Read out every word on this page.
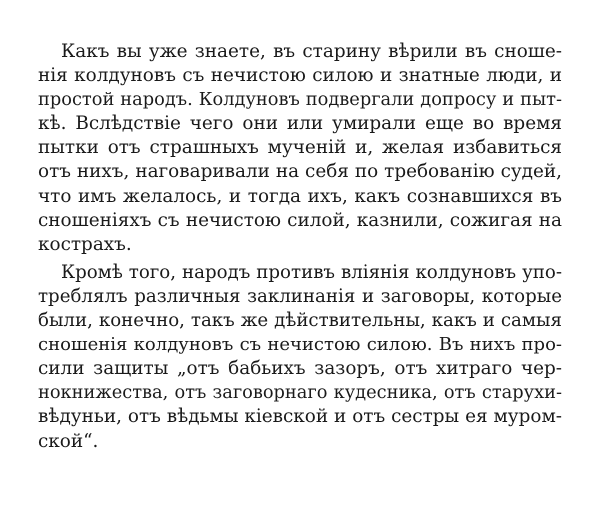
Какъ вы уже знаете, въ старину вѣрили въ сноше-
нія колдуновъ съ нечистою силою и знатные люди, и
простой народъ. Колдуновъ подвергали допросу и пыт-
кѣ. Вслѣдствіе чего они или умирали еще во время
пытки отъ страшныхъ мученій и, желая избавиться
отъ нихъ, наговаривали на себя по требованію судей,
что имъ желалось, и тогда ихъ, какъ сознавшихся въ
сношеніяхъ съ нечистою силой, казнили, сожигая на
кострахъ.
Кромѣ того, народъ противъ вліянія колдуновъ упо-
треблялъ различныя заклинанія и заговоры, которые
были, конечно, такъ же дѣйствительны, какъ и самыя
сношенія колдуновъ съ нечистою силою. Въ нихъ про-
сили защиты „отъ бабьихъ зазоръ, отъ хитраго чер-
нокнижества, отъ заговорнаго кудесника, отъ старухи-
вѣдуньи, отъ вѣдьмы кіевской и отъ сестры ея муром-
ской“.
